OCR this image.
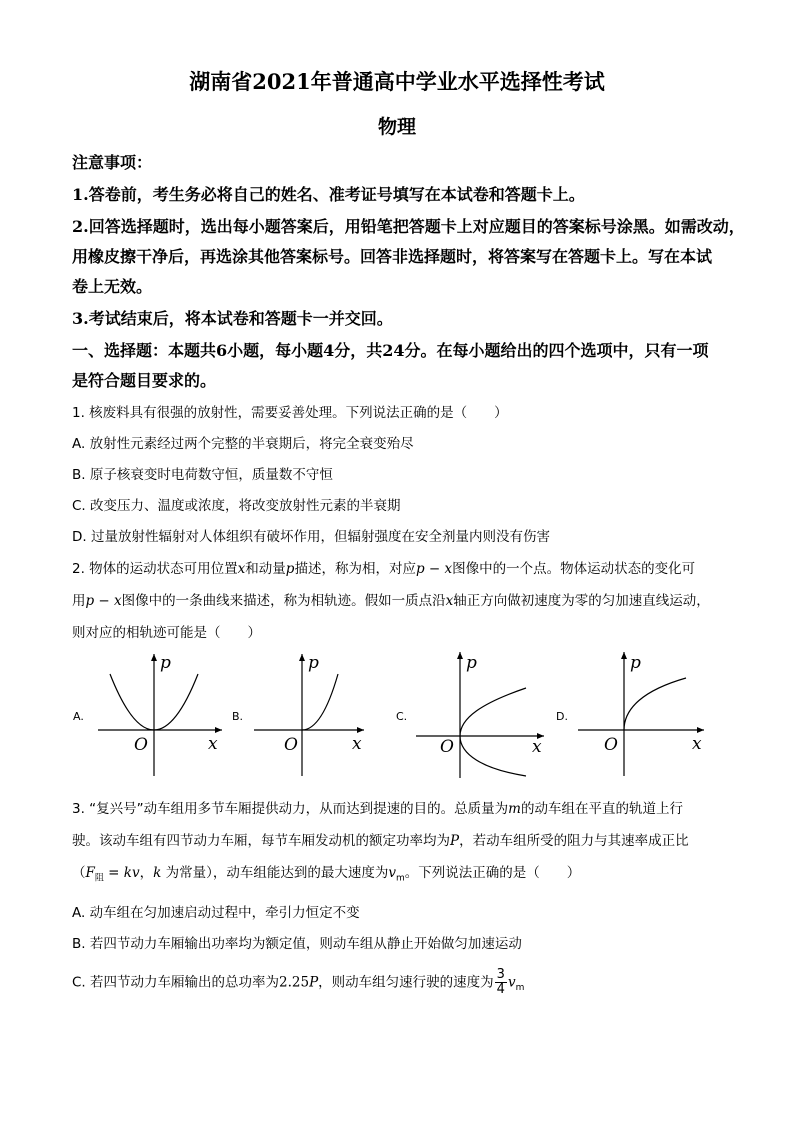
湖南省2021年普通高中学业水平选择性考试
物理
注意事项：
1.答卷前，考生务必将自己的姓名、准考证号填写在本试卷和答题卡上。
2.回答选择题时，选出每小题答案后，用铅笔把答题卡上对应题目的答案标号涂黑。如需改动，
用橡皮擦干净后，再选涂其他答案标号。回答非选择题时，将答案写在答题卡上。写在本试
卷上无效。
3.考试结束后，将本试卷和答题卡一并交回。
一、选择题：本题共6小题，每小题4分，共24分。在每小题给出的四个选项中，只有一项
是符合题目要求的。
1. 核废料具有很强的放射性，需要妥善处理。下列说法正确的是（　　）
A. 放射性元素经过两个完整的半衰期后，将完全衰变殆尽
B. 原子核衰变时电荷数守恒，质量数不守恒
C. 改变压力、温度或浓度，将改变放射性元素的半衰期
D. 过量放射性辐射对人体组织有破坏作用，但辐射强度在安全剂量内则没有伤害
2. 物体的运动状态可用位置x和动量p描述，称为相，对应p − x图像中的一个点。物体运动状态的变化可
用p − x图像中的一条曲线来描述，称为相轨迹。假如一质点沿x轴正方向做初速度为零的匀加速直线运动，
则对应的相轨迹可能是（　　）
A.
p
x
O
B.
p
x
O
C.
p
x
O
D.
p
x
O
3. “复兴号”动车组用多节车厢提供动力，从而达到提速的目的。总质量为m的动车组在平直的轨道上行
驶。该动车组有四节动力车厢，每节车厢发动机的额定功率均为P，若动车组所受的阻力与其速率成正比
（$F_阻$ = kv，k 为常量），动车组能达到的最大速度为$v_m$。下列说法正确的是（　　）
A. 动车组在匀加速启动过程中，牵引力恒定不变
B. 若四节动力车厢输出功率均为额定值，则动车组从静止开始做匀加速运动
C. 若四节动力车厢输出的总功率为2.25P，则动车组匀速行驶的速度为 $\frac{3}{4} v_m$
